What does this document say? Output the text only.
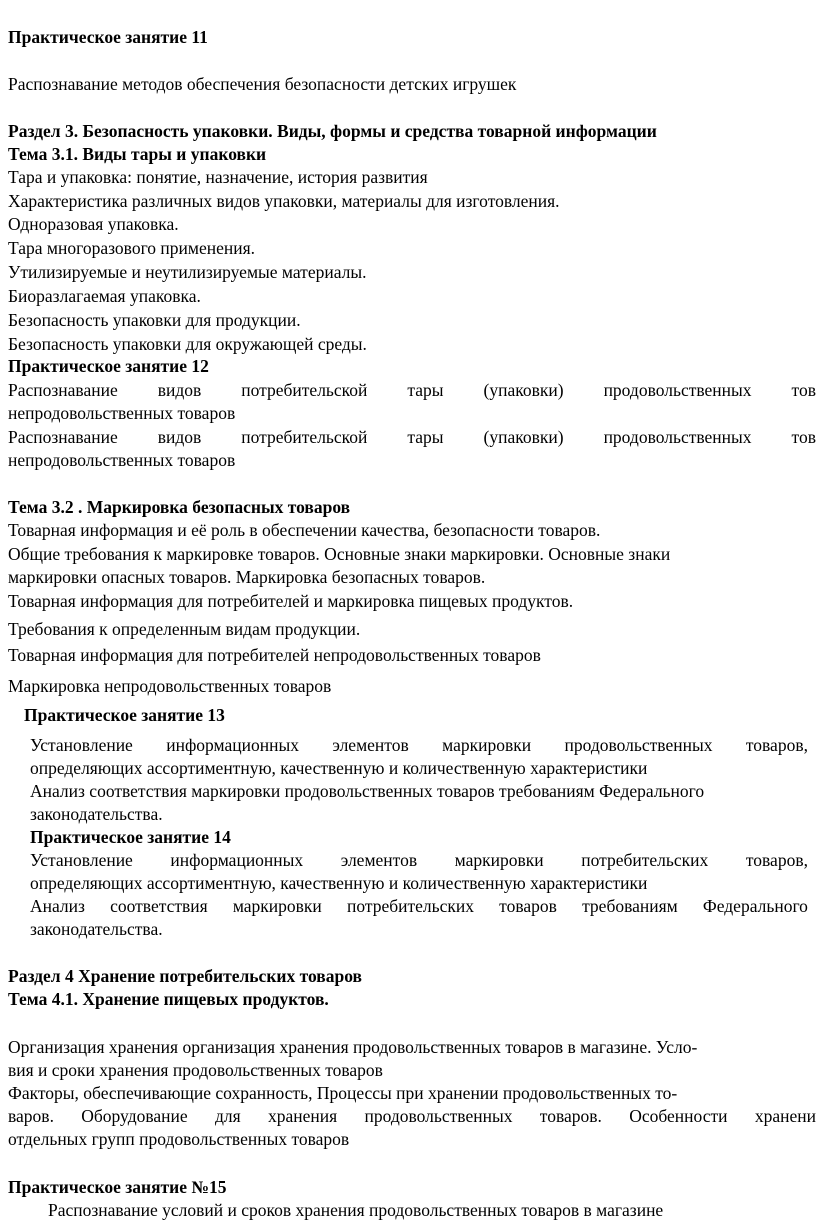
Практическое занятие 11
Распознавание методов обеспечения безопасности детских игрушек
Раздел 3. Безопасность упаковки. Виды, формы и средства товарной информации
Тема 3.1. Виды тары и упаковки
Тара и упаковка: понятие, назначение, история развития
Характеристика различных видов упаковки, материалы для изготовления.
Одноразовая упаковка.
Тара многоразового применения.
Утилизируемые и неутилизируемые материалы.
Биоразлагаемая упаковка.
Безопасность упаковки для продукции.
Безопасность упаковки для окружающей среды.
Практическое занятие 12
Распознавание видов потребительской тары (упаковки) продовольственных тов
непродовольственных товаров
Распознавание видов потребительской тары (упаковки) продовольственных тов
непродовольственных товаров
Тема 3.2 . Маркировка безопасных товаров
Товарная информация и её роль в обеспечении качества, безопасности товаров.
Общие требования к маркировке товаров. Основные знаки маркировки. Основные знаки
маркировки опасных товаров. Маркировка безопасных товаров.
Товарная информация для потребителей и маркировка пищевых продуктов.
Требования к определенным видам продукции.
Товарная информация для потребителей непродовольственных товаров
Маркировка непродовольственных товаров
Практическое занятие 13
Установление информационных элементов маркировки продовольственных товаров,
определяющих ассортиментную, качественную и количественную характеристики
Анализ соответствия маркировки продовольственных товаров требованиям Федерального
законодательства.
Практическое занятие 14
Установление информационных элементов маркировки потребительских товаров,
определяющих ассортиментную, качественную и количественную характеристики
Анализ соответствия маркировки потребительских товаров требованиям Федерального
законодательства.
Раздел 4 Хранение потребительских товаров
Тема 4.1. Хранение пищевых продуктов.
Организация хранения организация хранения продовольственных товаров в магазине. Усло-
вия и сроки хранения продовольственных товаров
Факторы, обеспечивающие сохранность, Процессы при хранении продовольственных то-
варов. Оборудование для хранения продовольственных товаров. Особенности хранени
отдельных групп продовольственных товаров
Практическое занятие №15
Распознавание условий и сроков хранения продовольственных товаров в магазине
